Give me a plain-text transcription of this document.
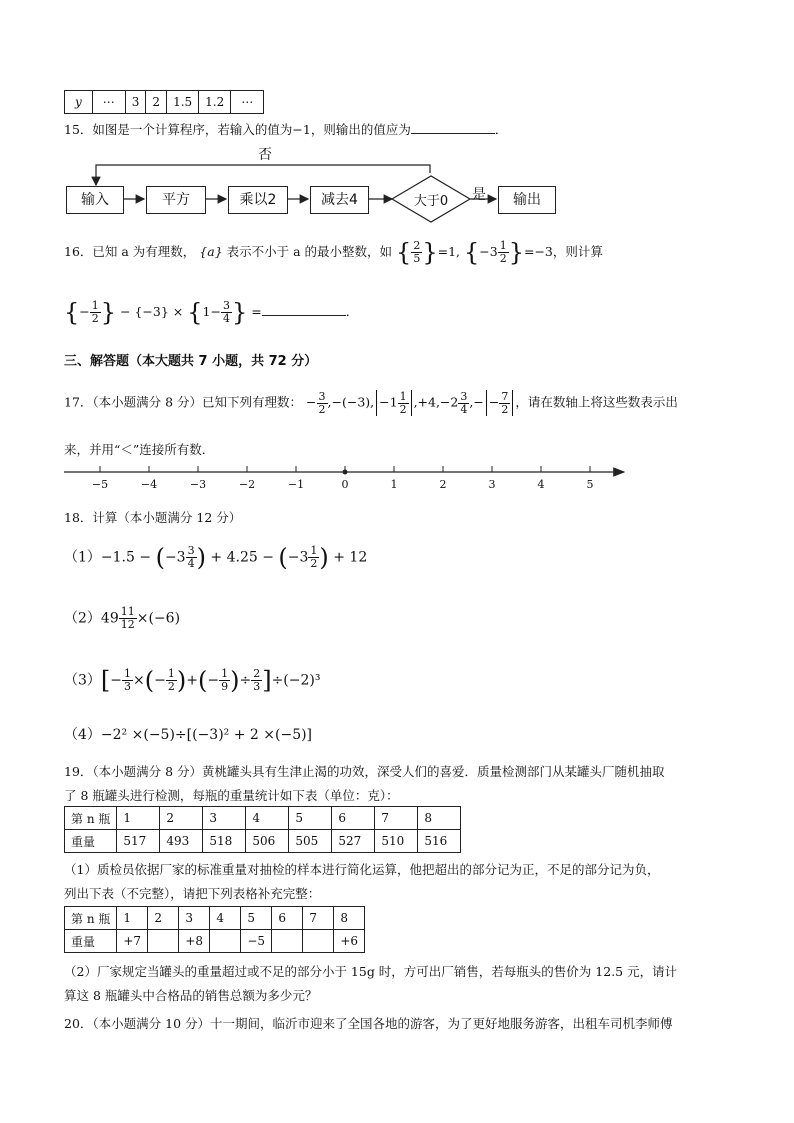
y	⋯	3	2	1.5	1.2	⋯
15．如图是一个计算程序，若输入的值为−1，则输出的值应为	．
否
是
输入	平方	乘以2	减去4	大于0	输出
16．已知 a 为有理数， {a} 表示不小于 a 的最小整数，如 { $\frac{2}{5} \}=1$, $\{-3 \frac{1}{2} \}=-3$，则计算
{− $\frac{1}{2}$ } − $\{-3\} \times \{1- \frac{3}{4}$ } =	．
三、解答题（本大题共 7 小题，共 72 分）
17．（本小题满分 8 分）已知下列有理数： − $\frac{3}{2} ,-(-3)$, $-1 \frac{1}{2} ,+4,-2 \frac{3}{4}$ ,− − $\frac{7}{2}$ ，请在数轴上将这些数表示出
来，并用“＜”连接所有数．
−5	−4	−3	−2	−1	0	1	2	3	4	5
18．计算（本小题满分 12 分）
$(1)-1.5 - (-3 \frac{3}{4}$ ) + $4.25 - (-3 \frac{1}{2}$ ) + 12
$(2)49 \frac{11}{12} \times(-6)$
$(3)[- \frac{1}{3}$ ×(− $\frac{1}{2}$ )+(− $\frac{1}{9}$ )÷ $\frac{2}{3} ]\div(-2)^3$
（4）−2² ×(−5)÷[(−3)² + 2 ×(−5)]
19．（本小题满分 8 分）黄桃罐头具有生津止渴的功效，深受人们的喜爱．质量检测部门从某罐头厂随机抽取
了 8 瓶罐头进行检测，每瓶的重量统计如下表（单位：克）：
第 n 瓶	1	2	3	4	5	6	7	8
重量	517	493	518	506	505	527	510	516
（1）质检员依据厂家的标准重量对抽检的样本进行简化运算，他把超出的部分记为正，不足的部分记为负，
列出下表（不完整），请把下列表格补充完整：
第 n 瓶	1	2	3	4	5	6	7	8
重量	+7		+8		−5			+6
（2）厂家规定当罐头的重量超过或不足的部分小于 15g 时，方可出厂销售，若每瓶头的售价为 12.5 元，请计
算这 8 瓶罐头中合格品的销售总额为多少元？
20．（本小题满分 10 分）十一期间，临沂市迎来了全国各地的游客，为了更好地服务游客，出租车司机李师傅
